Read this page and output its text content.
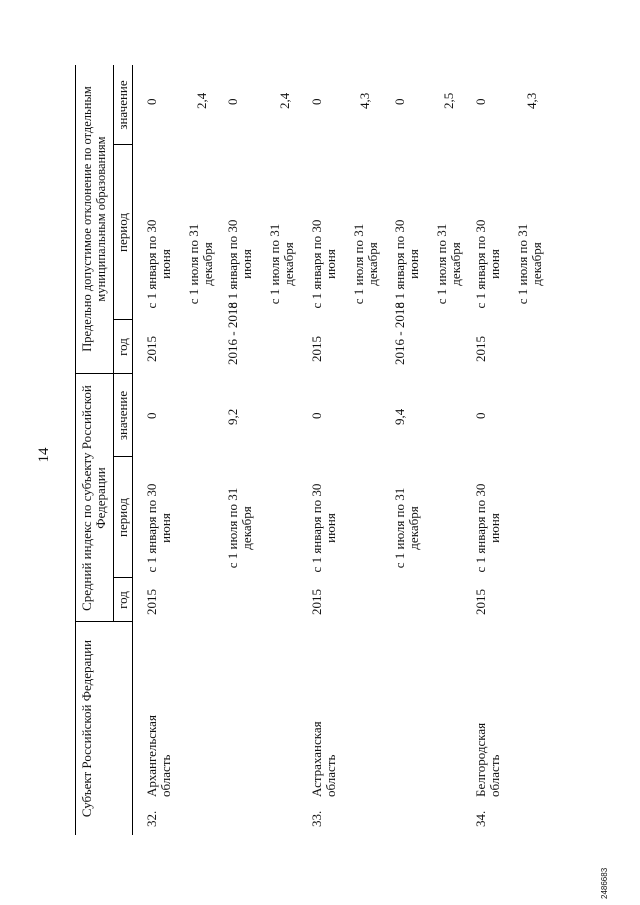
14
2486683
Субъект Российской Федерации
Средний индекс по субъекту Российской Федерации
Предельно допустимое отклонение по отдельным муниципальным образованиям
год
период
значение
год
период
значение
32.
Архангельская область
2015
с 1 января по 30 июня
0
с 1 июля по 31 декабря
9,2
2015
с 1 января по 30 июня
0
с 1 июля по 31 декабря
2,4
2016 - 2018
с 1 января по 30 июня
0
с 1 июля по 31 декабря
2,4
33.
Астраханская область
2015
с 1 января по 30 июня
0
с 1 июля по 31 декабря
9,4
2015
с 1 января по 30 июня
0
с 1 июля по 31 декабря
4,3
2016 - 2018
с 1 января по 30 июня
0
с 1 июля по 31 декабря
2,5
34.
Белгородская область
2015
с 1 января по 30 июня
0
2015
с 1 января по 30 июня
0
с 1 июля по 31 декабря
4,3
